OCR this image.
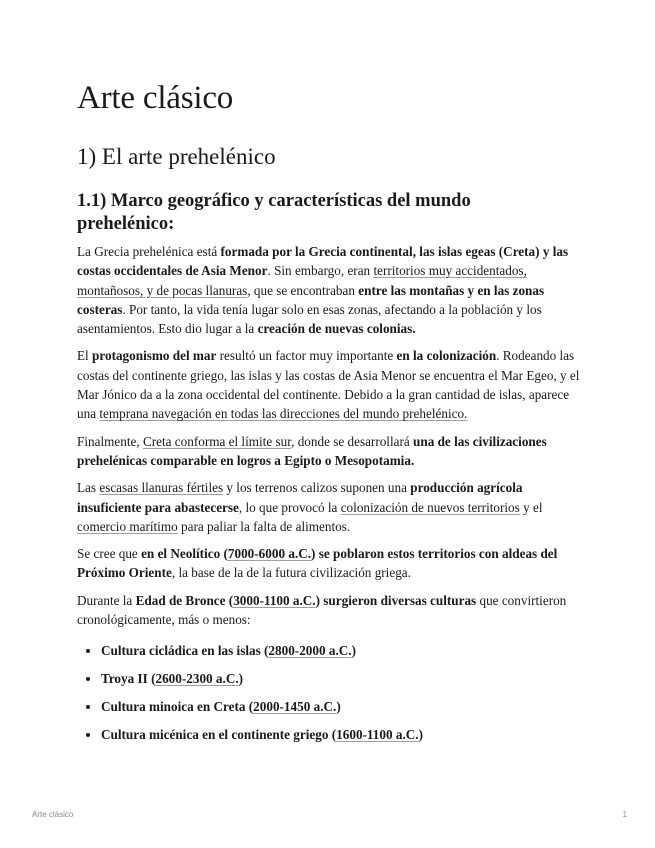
Arte clásico
1) El arte prehelénico
1.1) Marco geográfico y características del mundo prehelénico:

La Grecia prehelénica está formada por la Grecia continental, las islas egeas (Creta) y las costas occidentales de Asia Menor. Sin embargo, eran territorios muy accidentados, montañosos, y de pocas llanuras, que se encontraban entre las montañas y en las zonas costeras. Por tanto, la vida tenía lugar solo en esas zonas, afectando a la población y los asentamientos. Esto dio lugar a la creación de nuevas colonias.

El protagonismo del mar resultó un factor muy importante en la colonización. Rodeando las costas del continente griego, las islas y las costas de Asia Menor se encuentra el Mar Egeo, y el Mar Jónico da a la zona occidental del continente. Debido a la gran cantidad de islas, aparece una temprana navegación en todas las direcciones del mundo prehelénico.

Finalmente, Creta conforma el límite sur, donde se desarrollará una de las civilizaciones prehelénicas comparable en logros a Egipto o Mesopotamia.

Las escasas llanuras fértiles y los terrenos calizos suponen una producción agrícola insuficiente para abastecerse, lo que provocó la colonización de nuevos territorios y el comercio marítimo para paliar la falta de alimentos.

Se cree que en el Neolítico (7000-6000 a.C.) se poblaron estos territorios con aldeas del Próximo Oriente, la base de la de la futura civilización griega.

Durante la Edad de Bronce (3000-1100 a.C.) surgieron diversas culturas que convirtieron cronológicamente, más o menos:

• Cultura cicládica en las islas (2800-2000 a.C.)
• Troya II (2600-2300 a.C.)
• Cultura minoica en Creta (2000-1450 a.C.)
• Cultura micénica en el continente griego (1600-1100 a.C.)
Arte clásico	1
